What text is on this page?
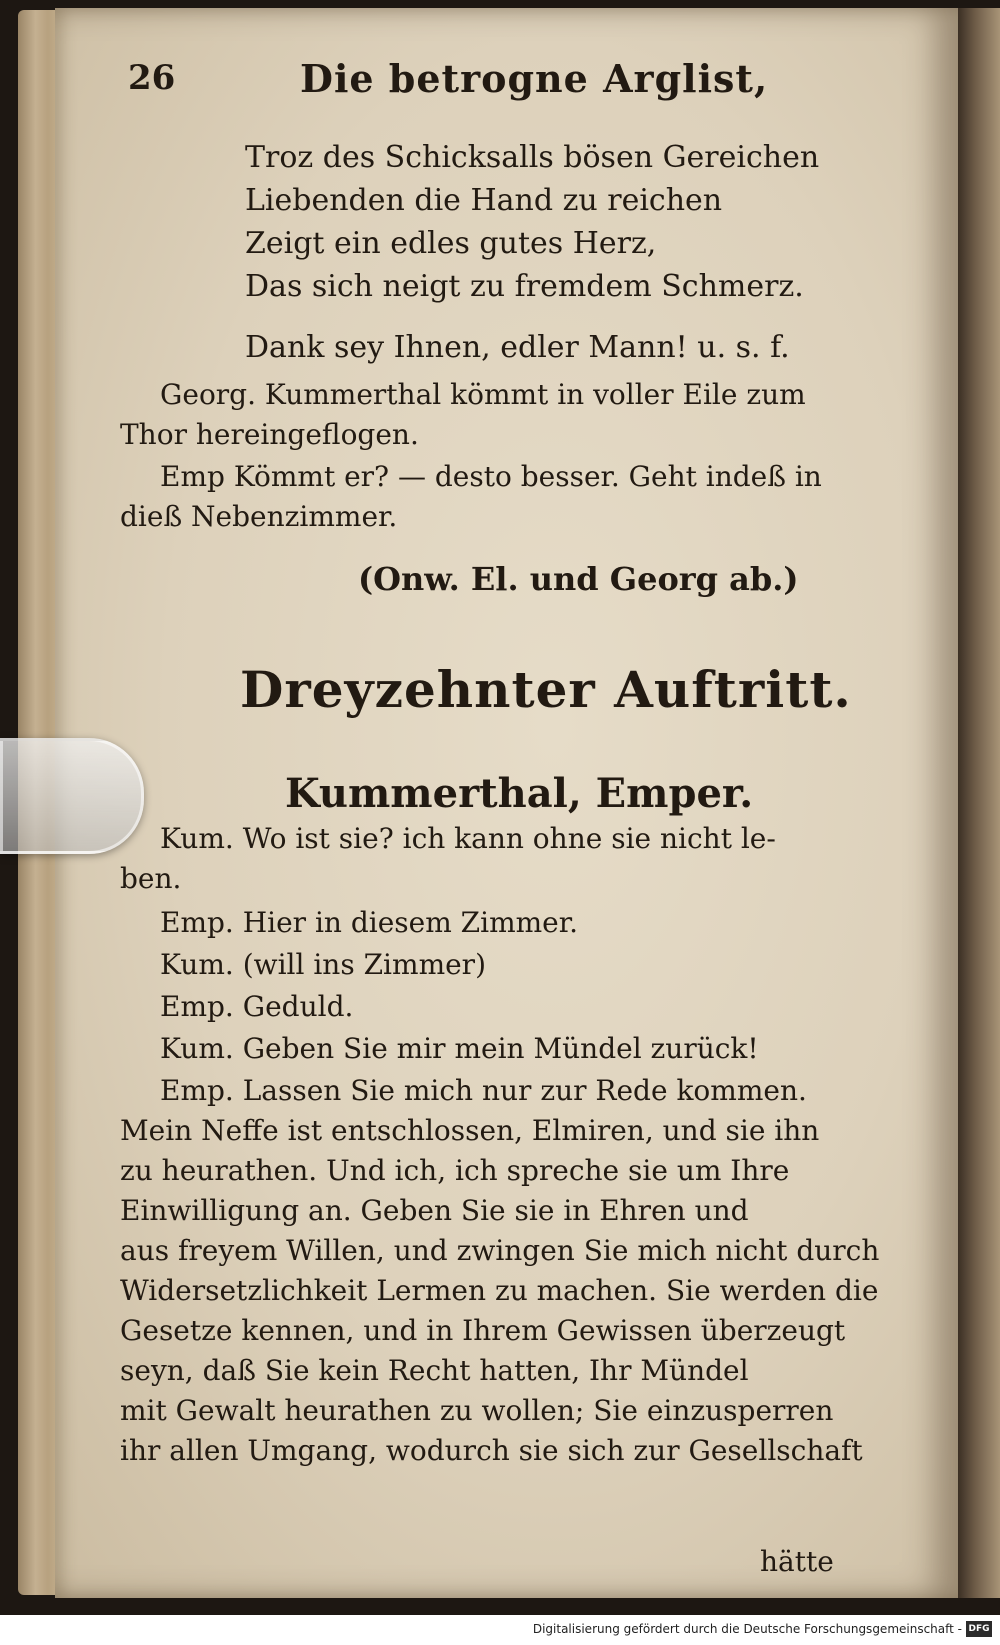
26	Die betrogne Arglist,
Troz des Schicksalls bösen Gereichen
Liebenden die Hand zu reichen
Zeigt ein edles gutes Herz,
Das sich neigt zu fremdem Schmerz.
Dank sey Ihnen, edler Mann! u. s. f.
Georg. Kummerthal kömmt in voller Eile zum
Thor hereingeflogen.
Emp Kömmt er? — desto besser. Geht indeß in
dieß Nebenzimmer.
(Onw. El. und Georg ab.)
Dreyzehnter Auftritt.
Kummerthal, Emper.
Kum. Wo ist sie? ich kann ohne sie nicht le-
ben.
Emp. Hier in diesem Zimmer.
Kum. (will ins Zimmer)
Emp. Geduld.
Kum. Geben Sie mir mein Mündel zurück!
Emp. Lassen Sie mich nur zur Rede kommen.
Mein Neffe ist entschlossen, Elmiren, und sie ihn
zu heurathen. Und ich, ich spreche sie um Ihre
Einwilligung an. Geben Sie sie in Ehren und
aus freyem Willen, und zwingen Sie mich nicht durch
Widersetzlichkeit Lermen zu machen. Sie werden die
Gesetze kennen, und in Ihrem Gewissen überzeugt
seyn, daß Sie kein Recht hatten, Ihr Mündel
mit Gewalt heurathen zu wollen; Sie einzusperren
ihr allen Umgang, wodurch sie sich zur Gesellschaft
hätte
Digitalisierung gefördert durch die Deutsche Forschungsgemeinschaft - DFG
